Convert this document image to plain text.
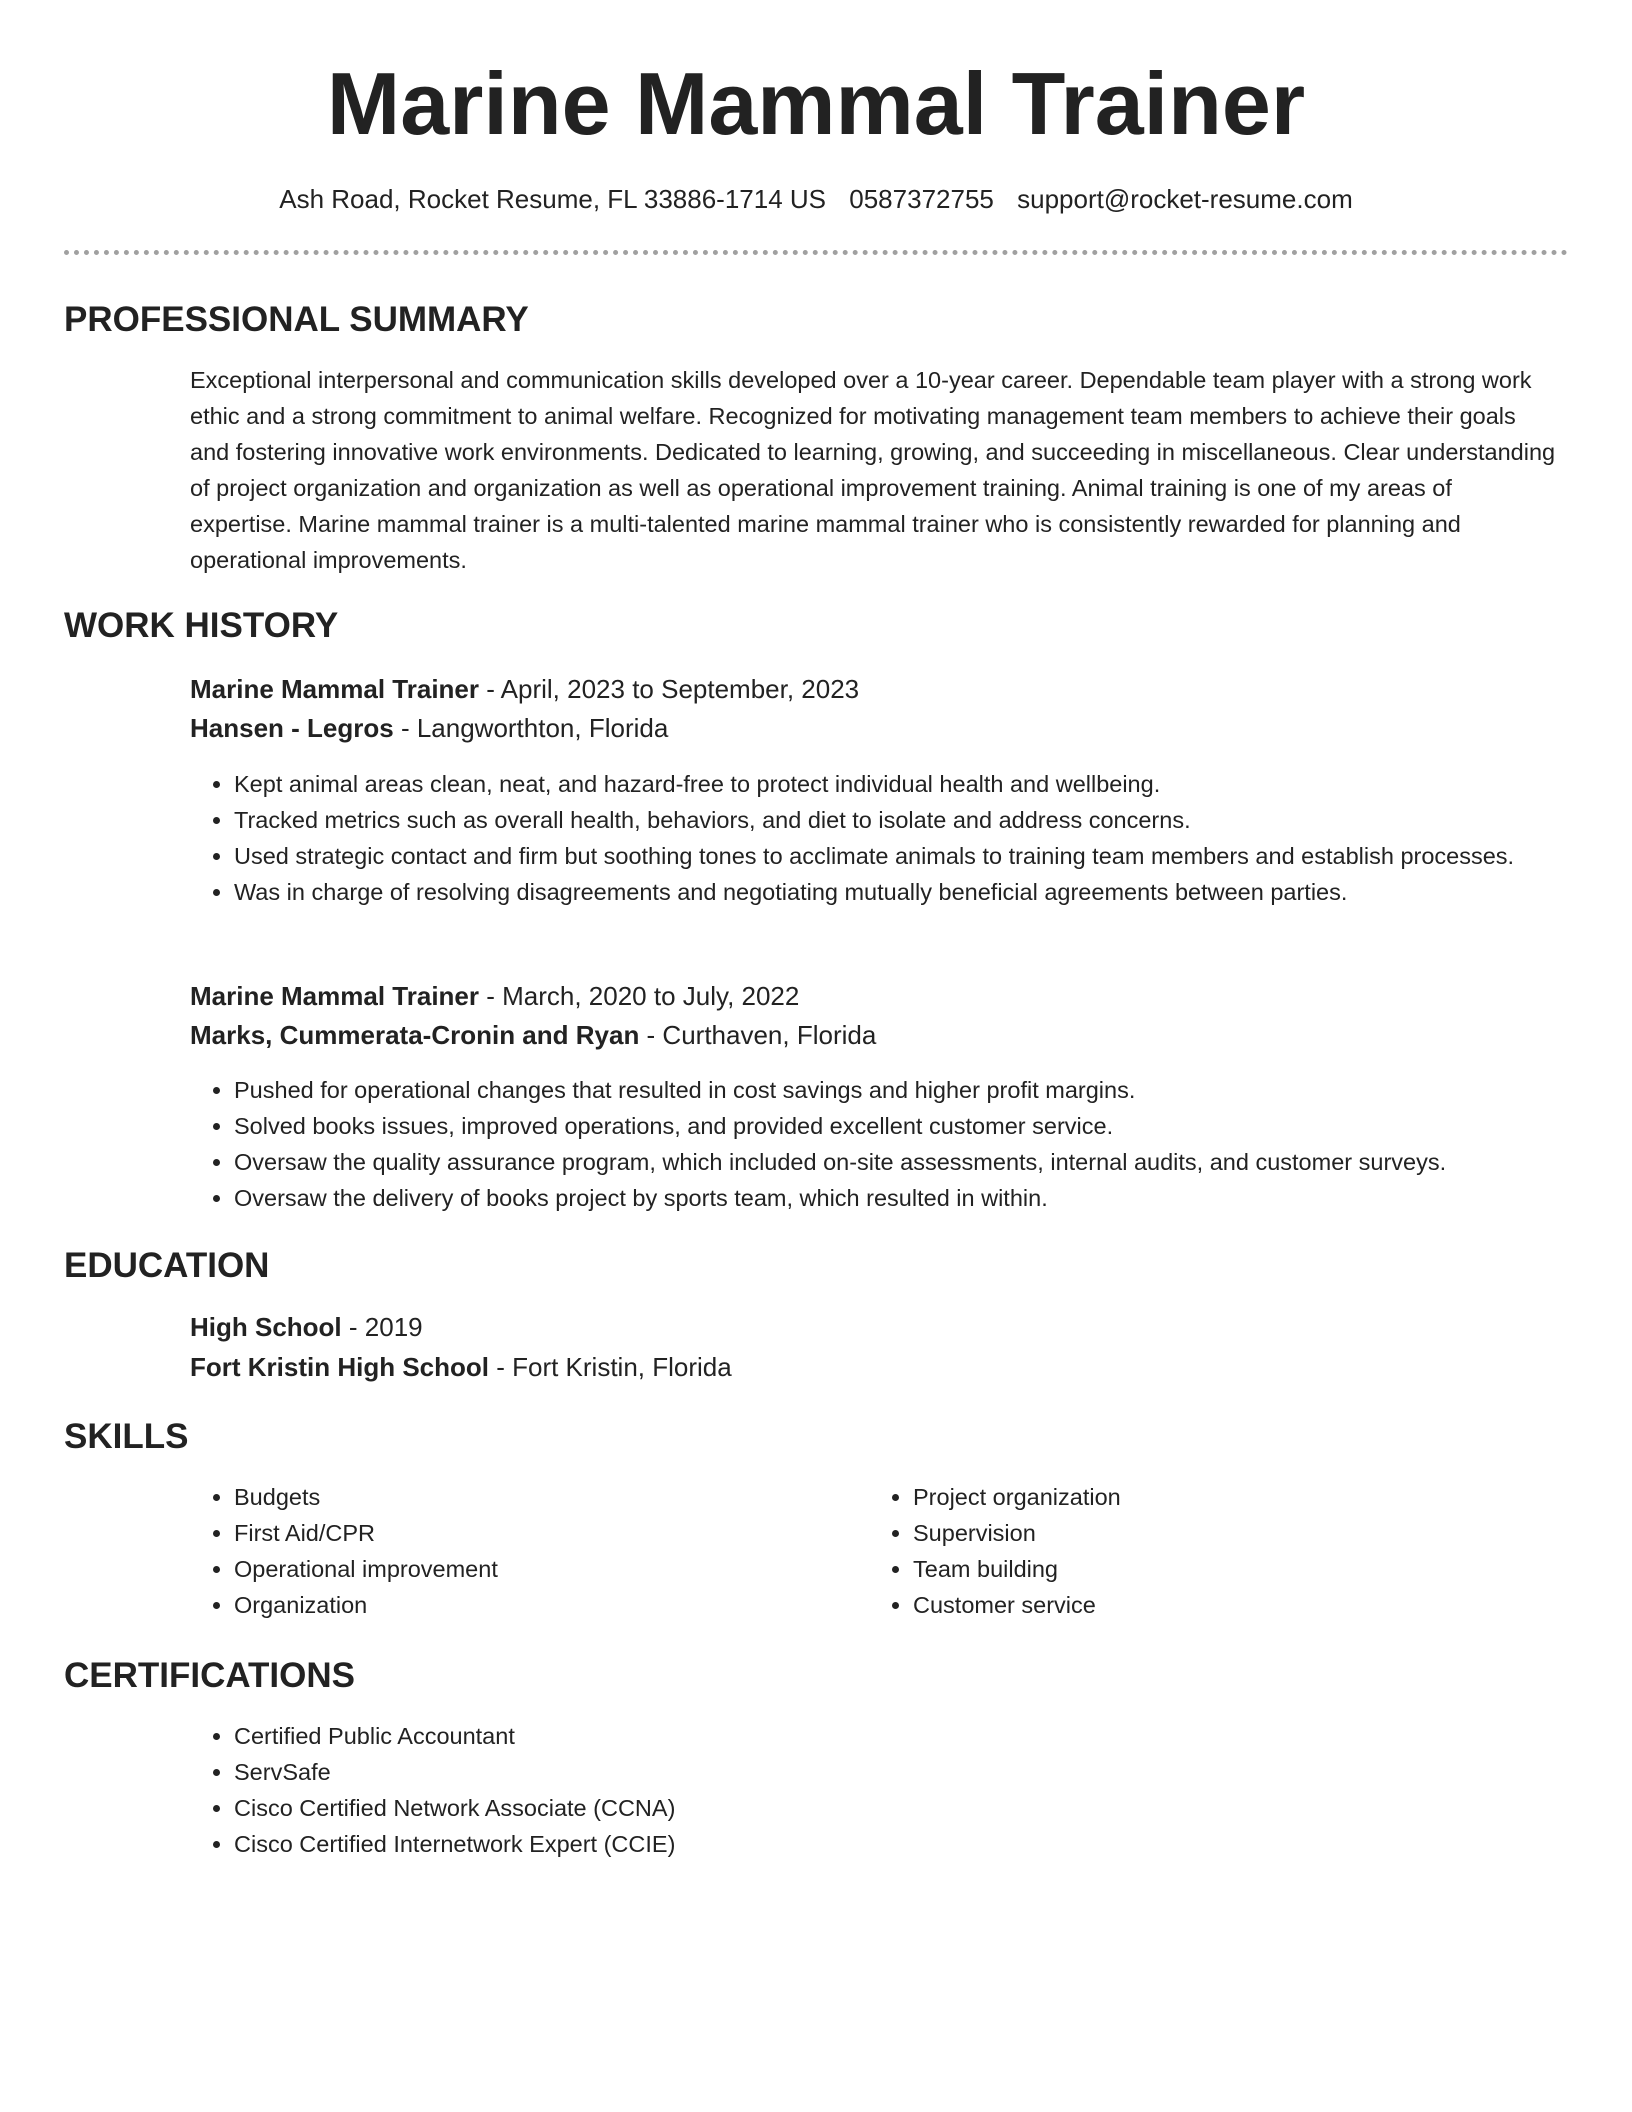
Marine Mammal Trainer
Ash Road, Rocket Resume, FL 33886-1714 US 0587372755 support@rocket-resume.com
PROFESSIONAL SUMMARY

Exceptional interpersonal and communication skills developed over a 10-year career. Dependable team player with a strong work ethic and a strong commitment to animal welfare. Recognized for motivating management team members to achieve their goals and fostering innovative work environments. Dedicated to learning, growing, and succeeding in miscellaneous. Clear understanding of project organization and organization as well as operational improvement training. Animal training is one of my areas of expertise. Marine mammal trainer is a multi-talented marine mammal trainer who is consistently rewarded for planning and operational improvements.

WORK HISTORY
Marine Mammal Trainer - April, 2023 to September, 2023
Hansen - Legros - Langworthton, Florida
• Kept animal areas clean, neat, and hazard-free to protect individual health and wellbeing.
• Tracked metrics such as overall health, behaviors, and diet to isolate and address concerns.
• Used strategic contact and firm but soothing tones to acclimate animals to training team members and establish processes.
• Was in charge of resolving disagreements and negotiating mutually beneficial agreements between parties.
Marine Mammal Trainer - March, 2020 to July, 2022
Marks, Cummerata-Cronin and Ryan - Curthaven, Florida
• Pushed for operational changes that resulted in cost savings and higher profit margins.
• Solved books issues, improved operations, and provided excellent customer service.
• Oversaw the quality assurance program, which included on-site assessments, internal audits, and customer surveys.
• Oversaw the delivery of books project by sports team, which resulted in within.
EDUCATION
High School - 2019
Fort Kristin High School - Fort Kristin, Florida
SKILLS
• Budgets
• First Aid/CPR
• Operational improvement
• Organization
• Project organization
• Supervision
• Team building
• Customer service
CERTIFICATIONS
• Certified Public Accountant
• ServSafe
• Cisco Certified Network Associate (CCNA)
• Cisco Certified Internetwork Expert (CCIE)
